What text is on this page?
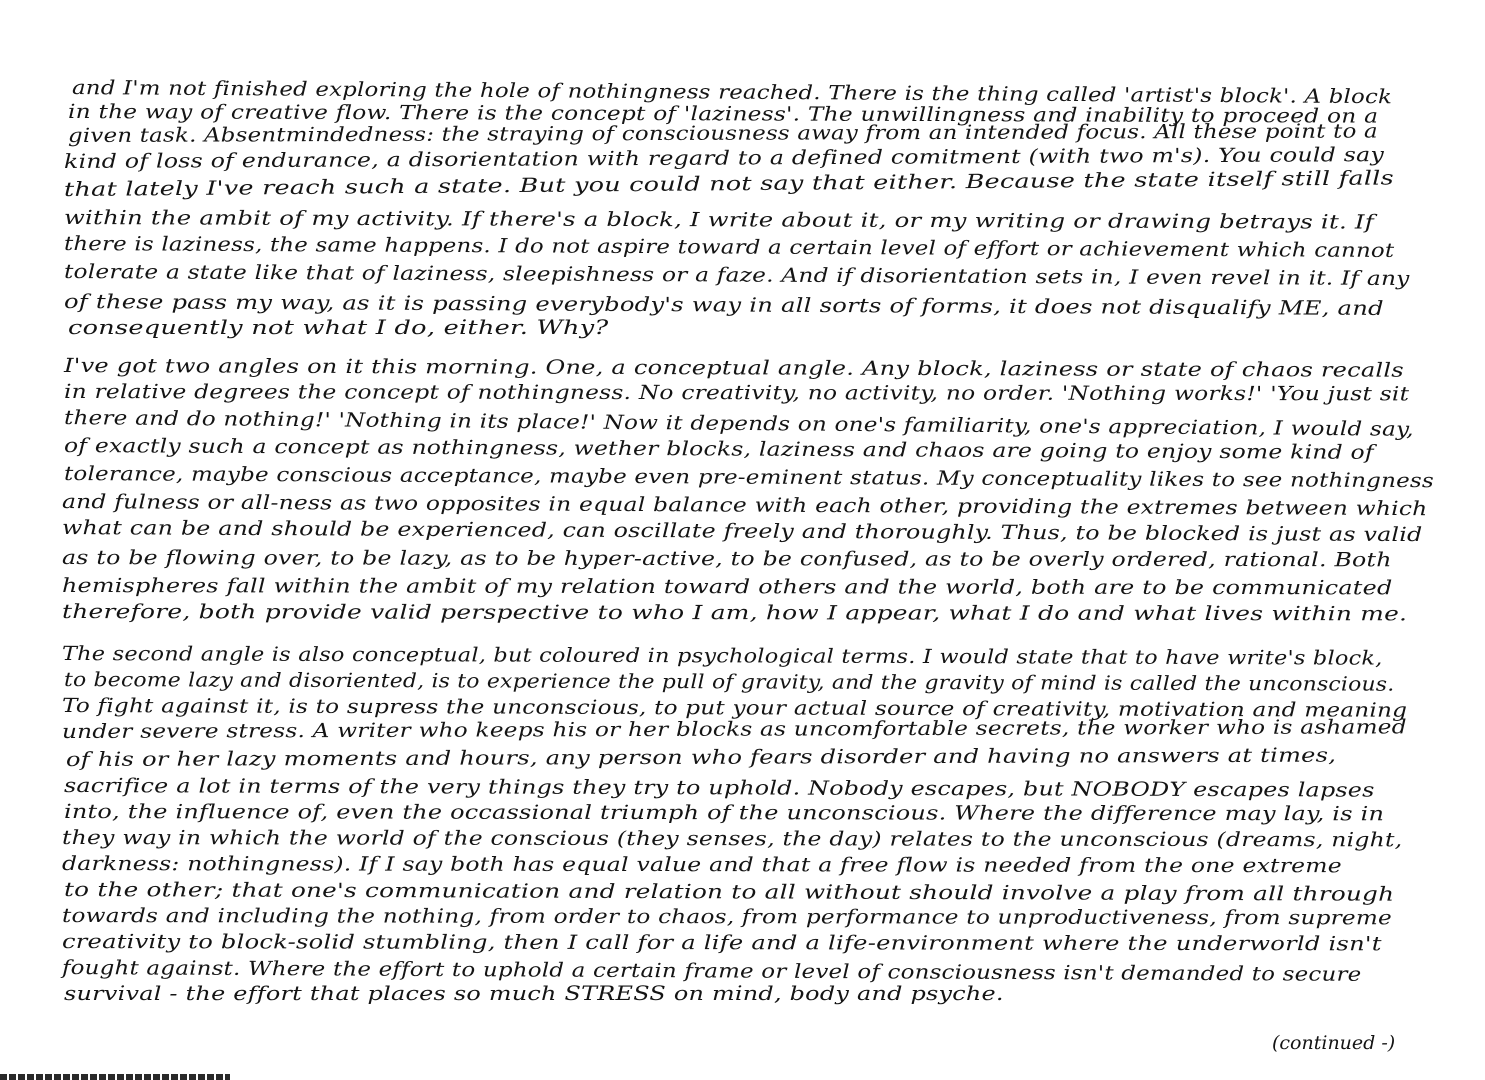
and I'm not finished exploring the hole of nothingness reached. There is the thing called 'artist's block'. A block
in the way of creative flow. There is the concept of 'laziness'. The unwillingness and inability to proceed on a
given task. Absentmindedness: the straying of consciousness away from an intended focus. All these point to a
kind of loss of endurance, a disorientation with regard to a defined comitment (with two m's). You could say
that lately I've reach such a state. But you could not say that either. Because the state itself still falls
within the ambit of my activity. If there's a block, I write about it, or my writing or drawing betrays it. If
there is laziness, the same happens. I do not aspire toward a certain level of effort or achievement which cannot
tolerate a state like that of laziness, sleepishness or a faze. And if disorientation sets in, I even revel in it. If any
of these pass my way, as it is passing everybody's way in all sorts of forms, it does not disqualify ME, and
consequently not what I do, either. Why?
I've got two angles on it this morning. One, a conceptual angle. Any block, laziness or state of chaos recalls
in relative degrees the concept of nothingness. No creativity, no activity, no order. 'Nothing works!' 'You just sit
there and do nothing!' 'Nothing in its place!' Now it depends on one's familiarity, one's appreciation, I would say,
of exactly such a concept as nothingness, wether blocks, laziness and chaos are going to enjoy some kind of
tolerance, maybe conscious acceptance, maybe even pre-eminent status. My conceptuality likes to see nothingness
and fulness or all-ness as two opposites in equal balance with each other, providing the extremes between which
what can be and should be experienced, can oscillate freely and thoroughly. Thus, to be blocked is just as valid
as to be flowing over, to be lazy, as to be hyper-active, to be confused, as to be overly ordered, rational. Both
hemispheres fall within the ambit of my relation toward others and the world, both are to be communicated
therefore, both provide valid perspective to who I am, how I appear, what I do and what lives within me.
The second angle is also conceptual, but coloured in psychological terms. I would state that to have write's block,
to become lazy and disoriented, is to experience the pull of gravity, and the gravity of mind is called the unconscious.
To fight against it, is to supress the unconscious, to put your actual source of creativity, motivation and meaning
under severe stress. A writer who keeps his or her blocks as uncomfortable secrets, the worker who is ashamed
of his or her lazy moments and hours, any person who fears disorder and having no answers at times,
sacrifice a lot in terms of the very things they try to uphold. Nobody escapes, but NOBODY escapes lapses
into, the influence of, even the occassional triumph of the unconscious. Where the difference may lay, is in
they way in which the world of the conscious (they senses, the day) relates to the unconscious (dreams, night,
darkness: nothingness). If I say both has equal value and that a free flow is needed from the one extreme
to the other; that one's communication and relation to all without should involve a play from all through
towards and including the nothing, from order to chaos, from performance to unproductiveness, from supreme
creativity to block-solid stumbling, then I call for a life and a life-environment where the underworld isn't
fought against. Where the effort to uphold a certain frame or level of consciousness isn't demanded to secure
survival - the effort that places so much STRESS on mind, body and psyche.
(continued -)
